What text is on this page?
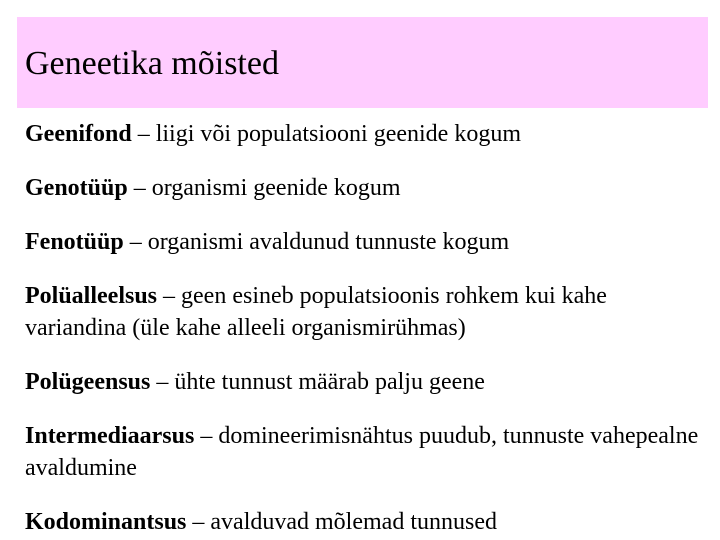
Geneetika mõisted
Geenifond – liigi või populatsiooni geenide kogum
Genotüüp – organismi geenide kogum
Fenotüüp – organismi avaldunud tunnuste kogum
Polüalleelsus – geen esineb populatsioonis rohkem kui kahe variandina (üle kahe alleeli organismirühmas)
Polügeensus – ühte tunnust määrab palju geene
Intermediaarsus – domineerimisnähtus puudub, tunnuste vahepealne avaldumine
Kodominantsus – avalduvad mõlemad tunnused
